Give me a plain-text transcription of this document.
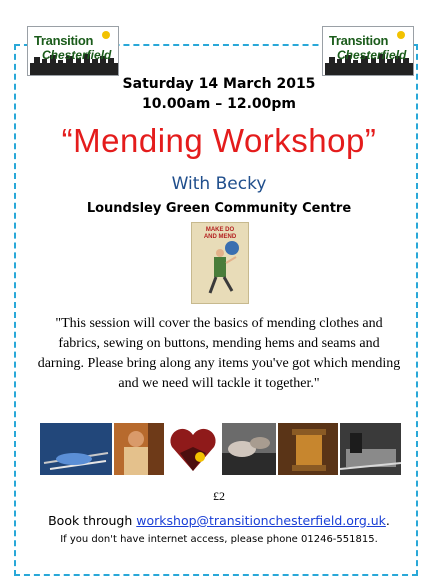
Transition
Chesterfield
Transition
Chesterfield
Saturday 14 March 2015
10.00am – 12.00pm
“Mending Workshop”
With Becky
Loundsley Green Community Centre
MAKE DO
AND MEND
"This session will cover the basics of mending clothes and fabrics, sewing on buttons, mending hems and seams and darning. Please bring along any items you've got which mending and we need will tackle it together."
£2
Book through workshop@transitionchesterfield.org.uk.
If you don't have internet access, please phone 01246-551815.
